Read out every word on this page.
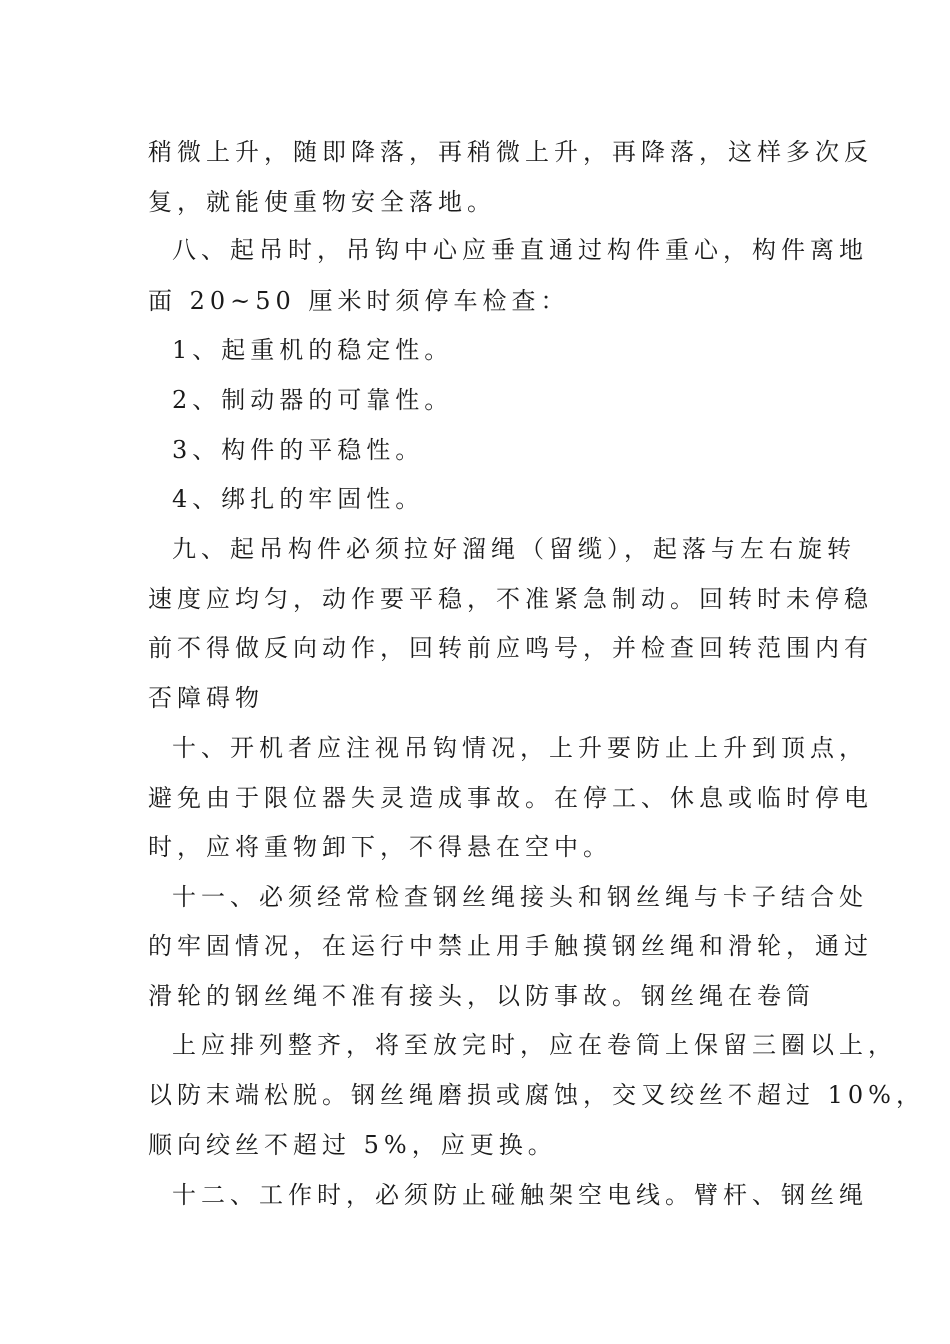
稍微上升，随即降落，再稍微上升，再降落，这样多次反
复，就能使重物安全落地。
八、起吊时，吊钩中心应垂直通过构件重心，构件离地
面 20~50 厘米时须停车检查：
1、起重机的稳定性。
2、制动器的可靠性。
3、构件的平稳性。
4、绑扎的牢固性。
九、起吊构件必须拉好溜绳（留缆），起落与左右旋转
速度应均匀，动作要平稳，不准紧急制动。回转时未停稳
前不得做反向动作，回转前应鸣号，并检查回转范围内有
否障碍物
十、开机者应注视吊钩情况，上升要防止上升到顶点，
避免由于限位器失灵造成事故。在停工、休息或临时停电
时，应将重物卸下，不得悬在空中。
十一、必须经常检查钢丝绳接头和钢丝绳与卡子结合处
的牢固情况，在运行中禁止用手触摸钢丝绳和滑轮，通过
滑轮的钢丝绳不准有接头，以防事故。钢丝绳在卷筒
上应排列整齐，将至放完时，应在卷筒上保留三圈以上，
以防末端松脱。钢丝绳磨损或腐蚀，交叉绞丝不超过 10%，
顺向绞丝不超过 5%，应更换。
十二、工作时，必须防止碰触架空电线。臂杆、钢丝绳
